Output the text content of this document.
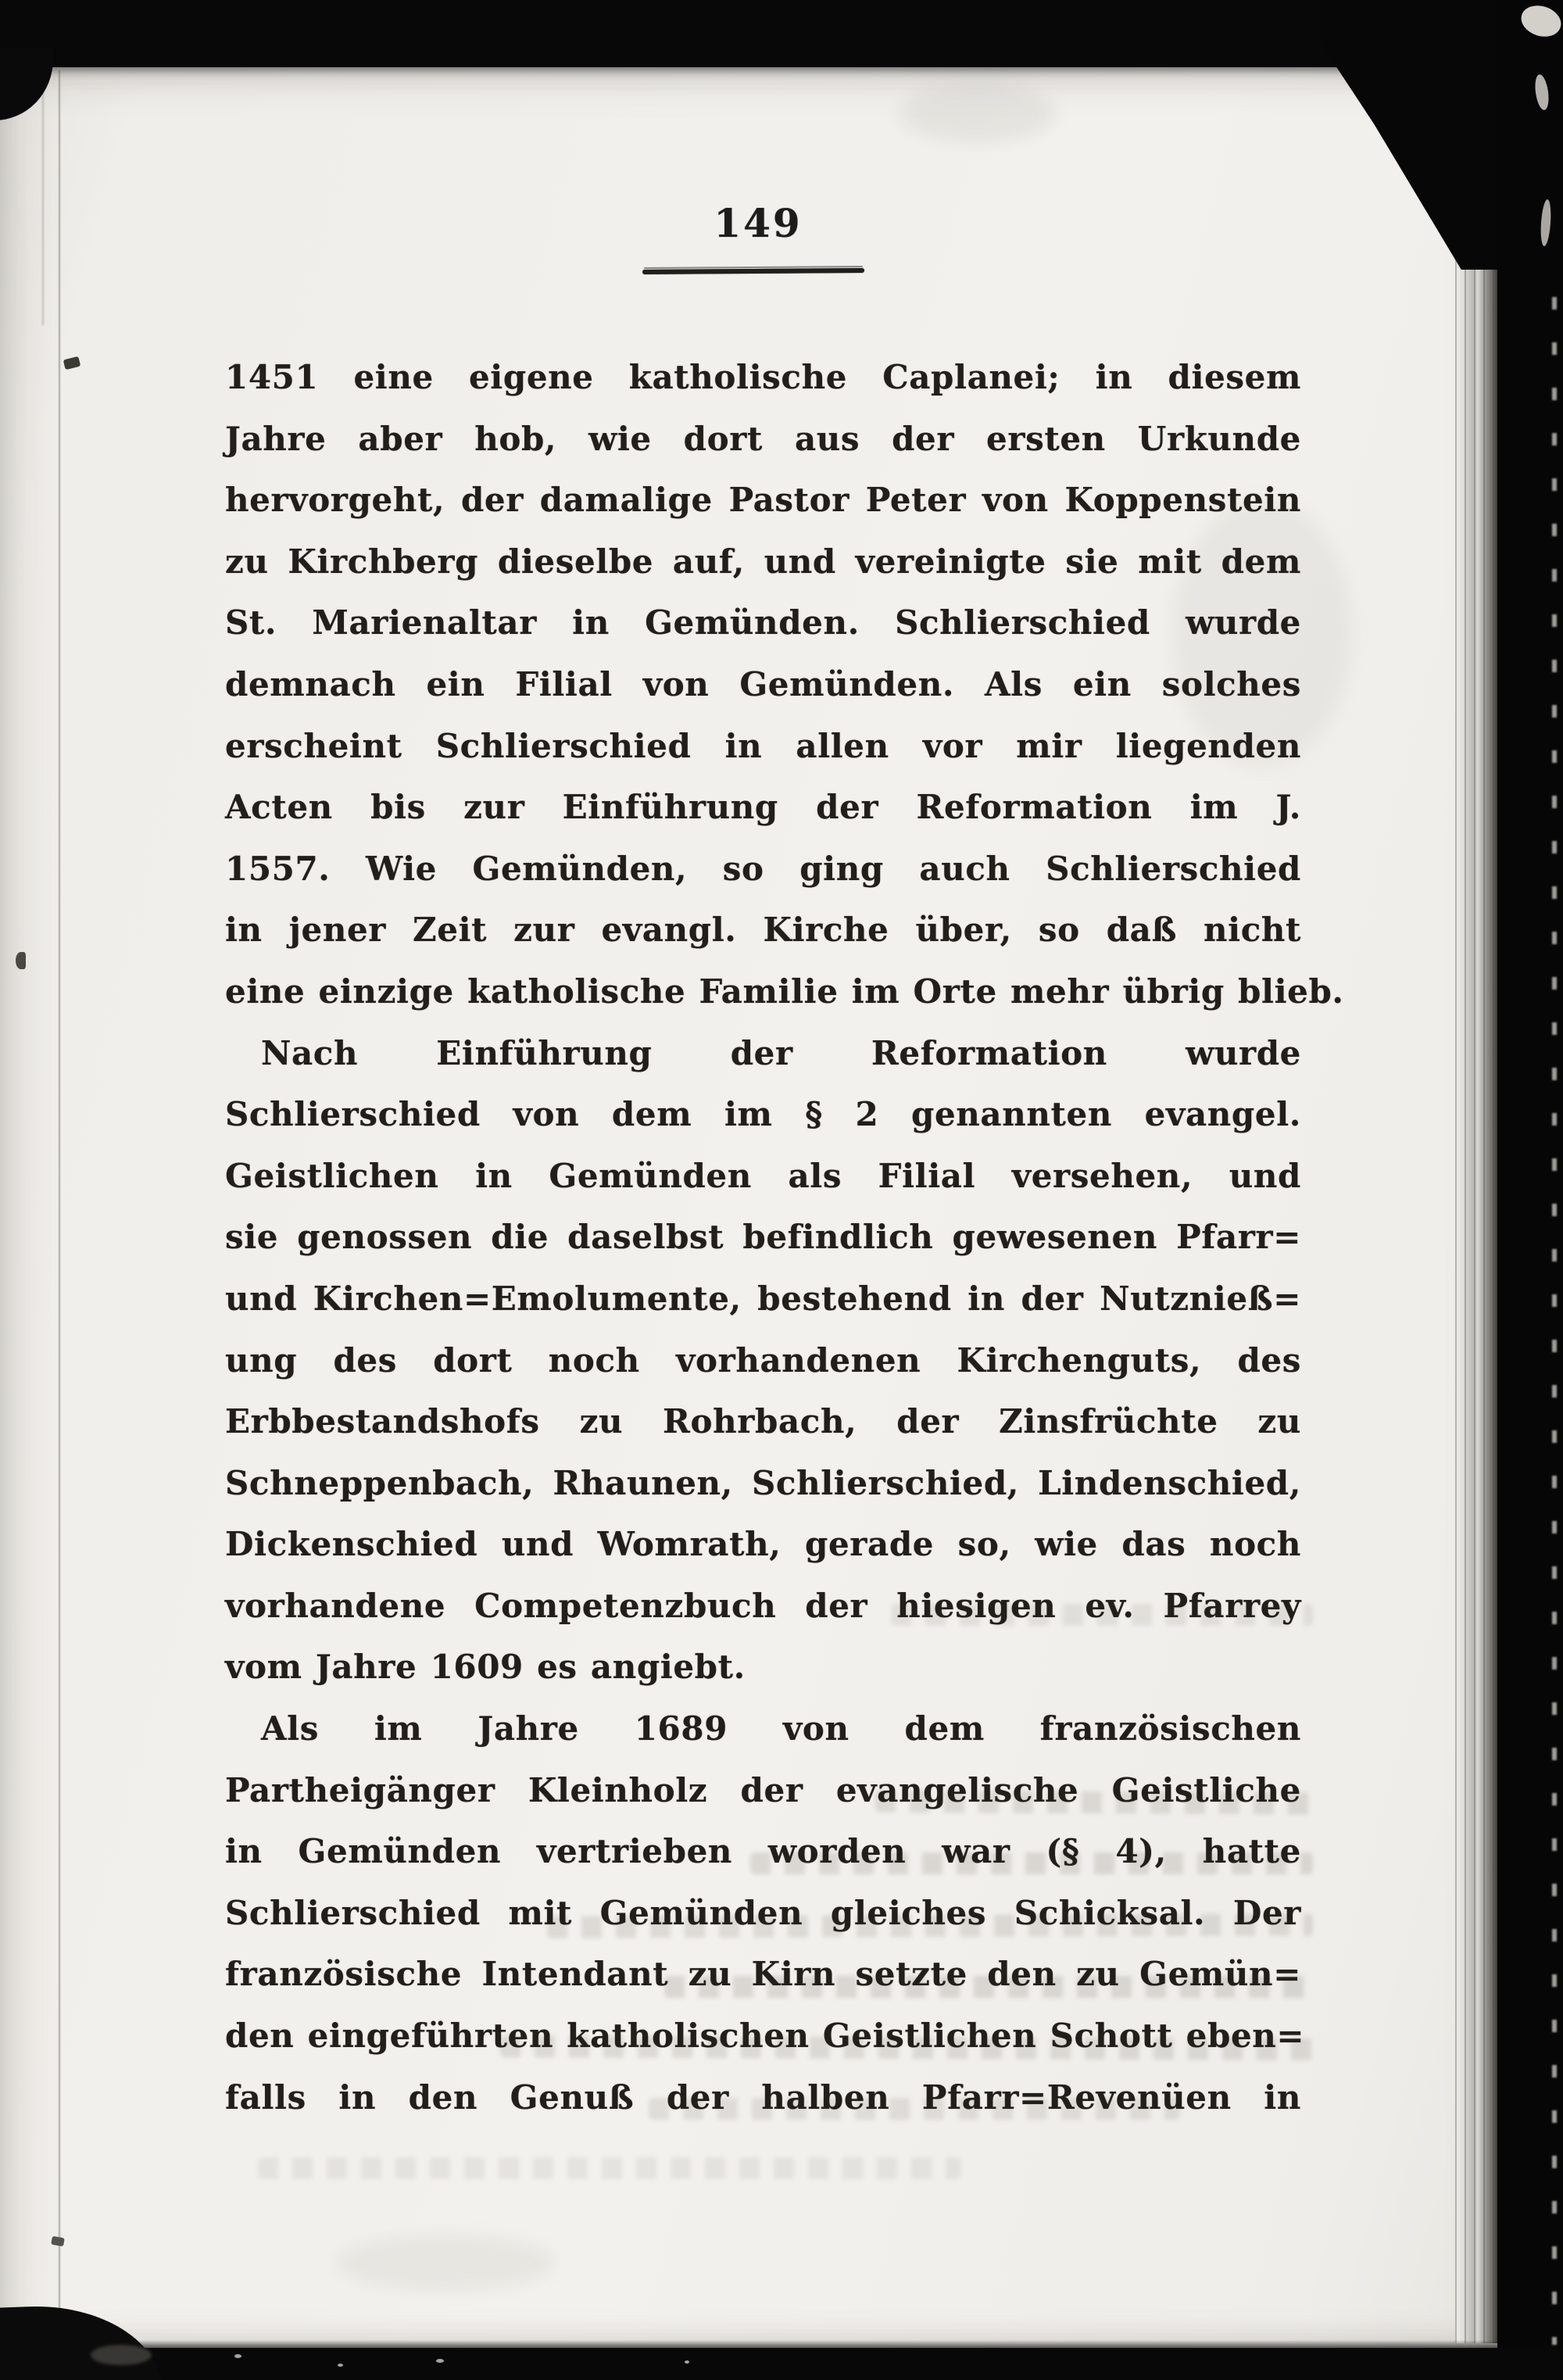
149
1451 eine eigene katholische Caplanei; in diesem
Jahre aber hob, wie dort aus der ersten Urkunde
hervorgeht, der damalige Pastor Peter von Koppenstein
zu Kirchberg dieselbe auf, und vereinigte sie mit dem
St. Marienaltar in Gemünden. Schlierschied wurde
demnach ein Filial von Gemünden. Als ein solches
erscheint Schlierschied in allen vor mir liegenden
Acten bis zur Einführung der Reformation im J.
1557. Wie Gemünden, so ging auch Schlierschied
in jener Zeit zur evangl. Kirche über, so daß nicht
eine einzige katholische Familie im Orte mehr übrig blieb.
Nach Einführung der Reformation wurde
Schlierschied von dem im § 2 genannten evangel.
Geistlichen in Gemünden als Filial versehen, und
sie genossen die daselbst befindlich gewesenen Pfarr=
und Kirchen=Emolumente, bestehend in der Nutznieß=
ung des dort noch vorhandenen Kirchenguts, des
Erbbestandshofs zu Rohrbach, der Zinsfrüchte zu
Schneppenbach, Rhaunen, Schlierschied, Lindenschied,
Dickenschied und Womrath, gerade so, wie das noch
vorhandene Competenzbuch der hiesigen ev. Pfarrey
vom Jahre 1609 es angiebt.
Als im Jahre 1689 von dem französischen
Partheigänger Kleinholz der evangelische Geistliche
in Gemünden vertrieben worden war (§ 4), hatte
Schlierschied mit Gemünden gleiches Schicksal. Der
französische Intendant zu Kirn setzte den zu Gemün=
den eingeführten katholischen Geistlichen Schott eben=
falls in den Genuß der halben Pfarr=Revenüen in
